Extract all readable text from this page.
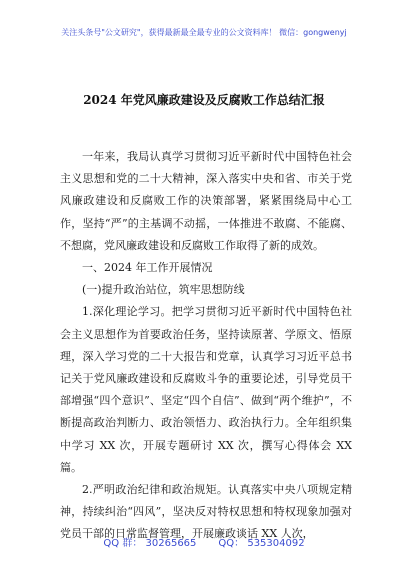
关注头条号"公文研究"，获得最新最全最专业的公文资料库！ 微信：gongwenyj
2024 年党风廉政建设及反腐败工作总结汇报

一年来，我局认真学习贯彻习近平新时代中国特色社会主义思想和党的二十大精神，深入落实中央和省、市关于党风廉政建设和反腐败工作的决策部署，紧紧围绕局中心工作，坚持“严”的主基调不动摇，一体推进不敢腐、不能腐、不想腐，党风廉政建设和反腐败工作取得了新的成效。

一、2024 年工作开展情况

(一)提升政治站位，筑牢思想防线

1.深化理论学习。把学习贯彻习近平新时代中国特色社会主义思想作为首要政治任务，坚持读原著、学原文、悟原理，深入学习党的二十大报告和党章，认真学习习近平总书记关于党风廉政建设和反腐败斗争的重要论述，引导党员干部增强“四个意识”、坚定“四个自信”、做到“两个维护”，不断提高政治判断力、政治领悟力、政治执行力。全年组织集中学习 XX 次，开展专题研讨 XX 次，撰写心得体会 XX 篇。

2.严明政治纪律和政治规矩。认真落实中央八项规定精神，持续纠治“四风”，坚决反对特权思想和特权现象加强对党员干部的日常监督管理，开展廉政谈话 XX 人次，

QQ 群： 30265665 QQ： 535304092
